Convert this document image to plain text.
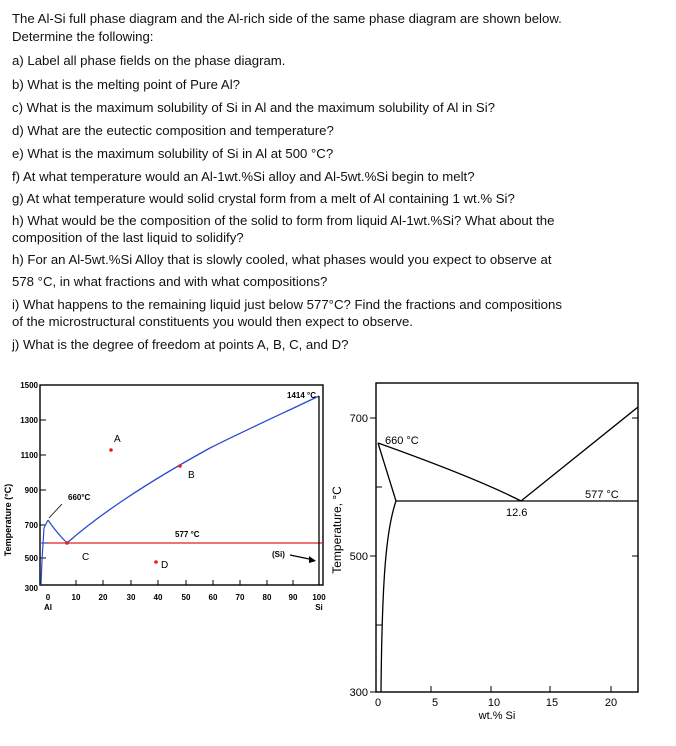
The Al-Si full phase diagram and the Al-rich side of the same phase diagram are shown below.
Determine the following:
a) Label all phase fields on the phase diagram.
b) What is the melting point of Pure Al?
c) What is the maximum solubility of Si in Al and the maximum solubility of Al in Si?
d) What are the eutectic composition and temperature?
e) What is the maximum solubility of Si in Al at 500 °C?
f) At what temperature would an Al-1wt.%Si alloy and Al-5wt.%Si begin to melt?
g) At what temperature would solid crystal form from a melt of Al containing 1 wt.% Si?
h) What would be the composition of the solid to form from liquid Al-1wt.%Si? What about the
composition of the last liquid to solidify?
h) For an Al-5wt.%Si Alloy that is slowly cooled, what phases would you expect to observe at
578 °C, in what fractions and with what compositions?
i) What happens to the remaining liquid just below 577°C? Find the fractions and compositions
of the microstructural constituents you would then expect to observe.
j) What is the degree of freedom at points A, B, C, and D?
1500
1300
1100
900
700
500
300
0	10 20 30 40 50 60 70 80 90 100
Al	Si
Temperature (°C)	660°C
1414 °C
577 °C
(Si)
A
B
C
D
700
500
300
0	5	10	15	20
wt.% Si
Temperature, °C
660 °C
577 °C
12.6
